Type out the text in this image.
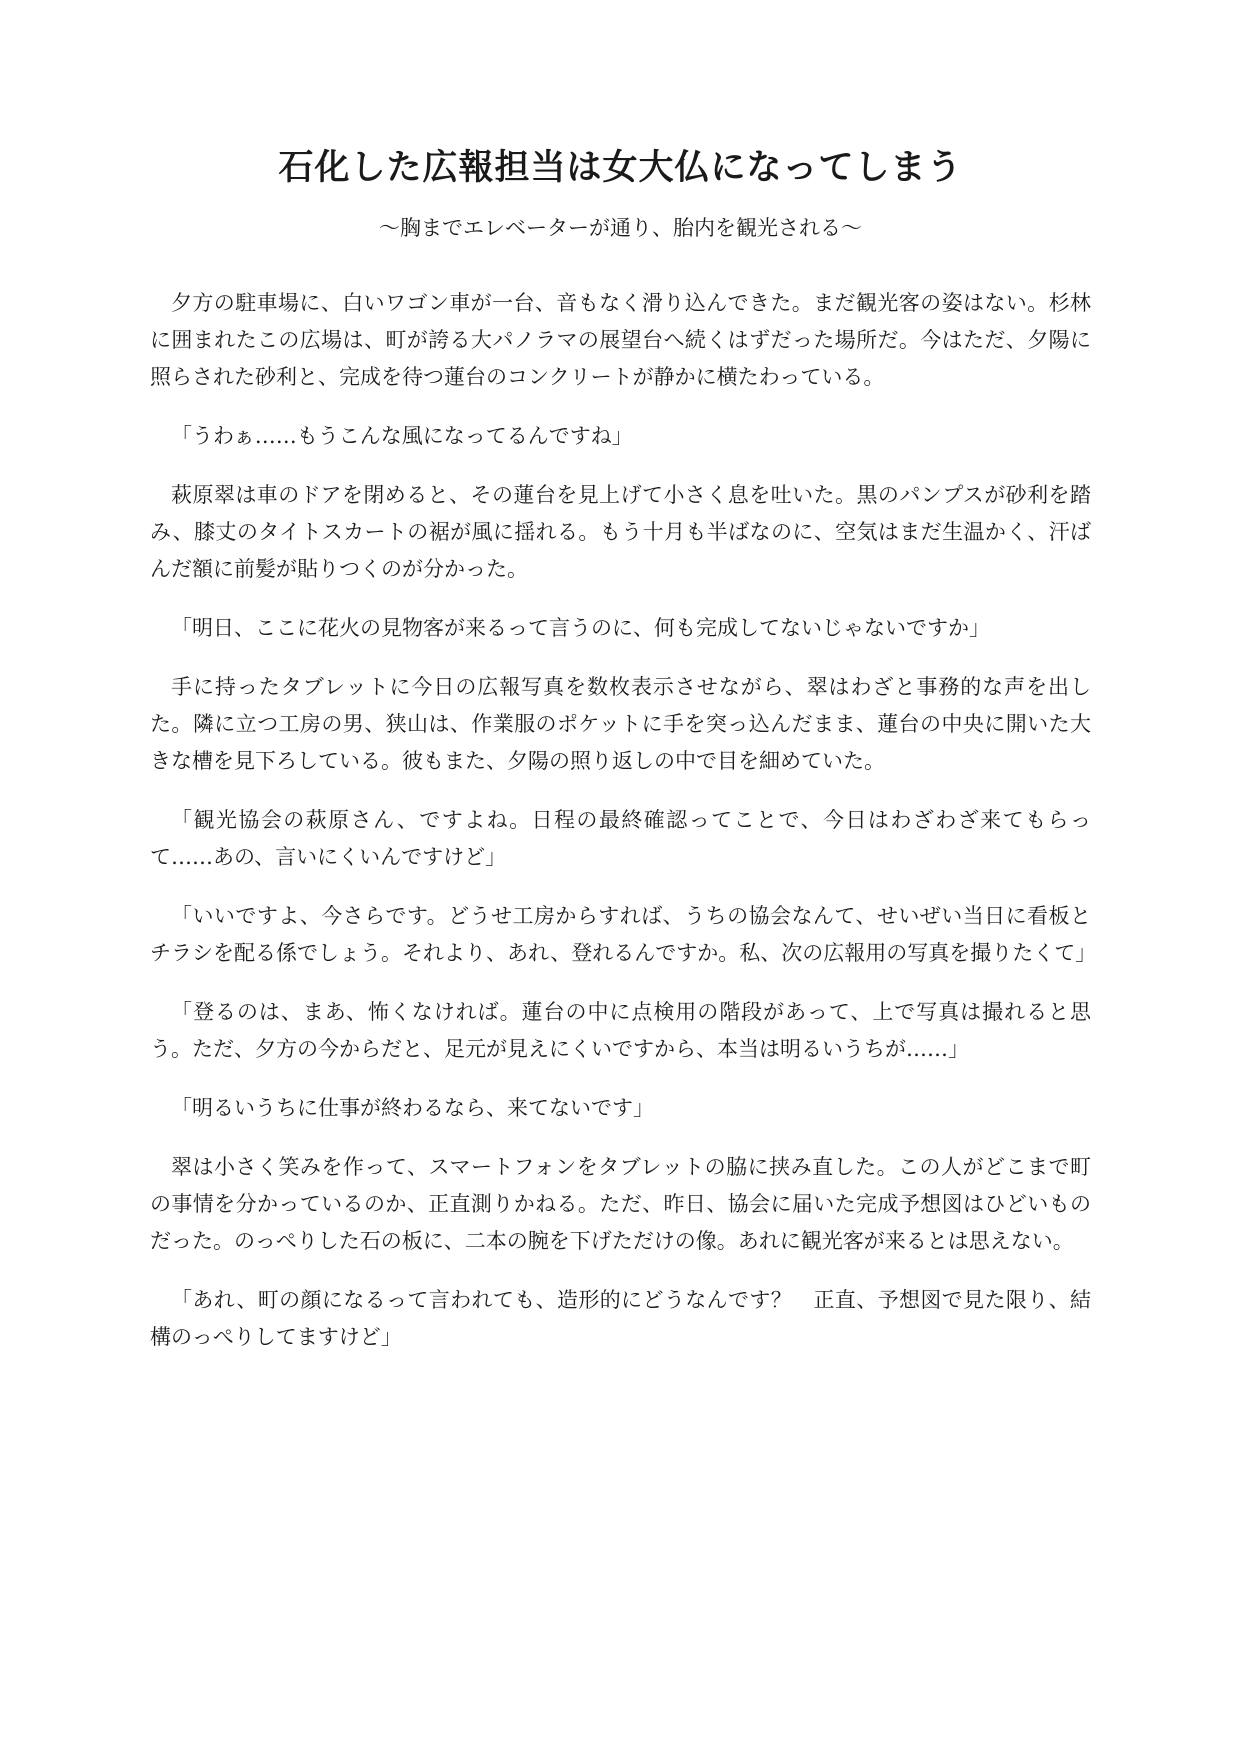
石化した広報担当は女大仏になってしまう
〜胸までエレベーターが通り、胎内を観光される〜

夕方の駐車場に、白いワゴン車が一台、音もなく滑り込んできた。まだ観光客の姿はない。杉林に囲まれたこの広場は、町が誇る大パノラマの展望台へ続くはずだった場所だ。今はただ、夕陽に照らされた砂利と、完成を待つ蓮台のコンクリートが静かに横たわっている。

「うわぁ……もうこんな風になってるんですね」

萩原翠は車のドアを閉めると、その蓮台を見上げて小さく息を吐いた。黒のパンプスが砂利を踏み、膝丈のタイトスカートの裾が風に揺れる。もう十月も半ばなのに、空気はまだ生温かく、汗ばんだ額に前髪が貼りつくのが分かった。

「明日、ここに花火の見物客が来るって言うのに、何も完成してないじゃないですか」

手に持ったタブレットに今日の広報写真を数枚表示させながら、翠はわざと事務的な声を出した。隣に立つ工房の男、狭山は、作業服のポケットに手を突っ込んだまま、蓮台の中央に開いた大きな槽を見下ろしている。彼もまた、夕陽の照り返しの中で目を細めていた。

「観光協会の萩原さん、ですよね。日程の最終確認ってことで、今日はわざわざ来てもらって……あの、言いにくいんですけど」

「いいですよ、今さらです。どうせ工房からすれば、うちの協会なんて、せいぜい当日に看板とチラシを配る係でしょう。それより、あれ、登れるんですか。私、次の広報用の写真を撮りたくて」

「登るのは、まあ、怖くなければ。蓮台の中に点検用の階段があって、上で写真は撮れると思う。ただ、夕方の今からだと、足元が見えにくいですから、本当は明るいうちが……」

「明るいうちに仕事が終わるなら、来てないです」

翠は小さく笑みを作って、スマートフォンをタブレットの脇に挟み直した。この人がどこまで町の事情を分かっているのか、正直測りかねる。ただ、昨日、協会に届いた完成予想図はひどいものだった。のっぺりした石の板に、二本の腕を下げただけの像。あれに観光客が来るとは思えない。

「あれ、町の顔になるって言われても、造形的にどうなんです？　正直、予想図で見た限り、結構のっぺりしてますけど」
